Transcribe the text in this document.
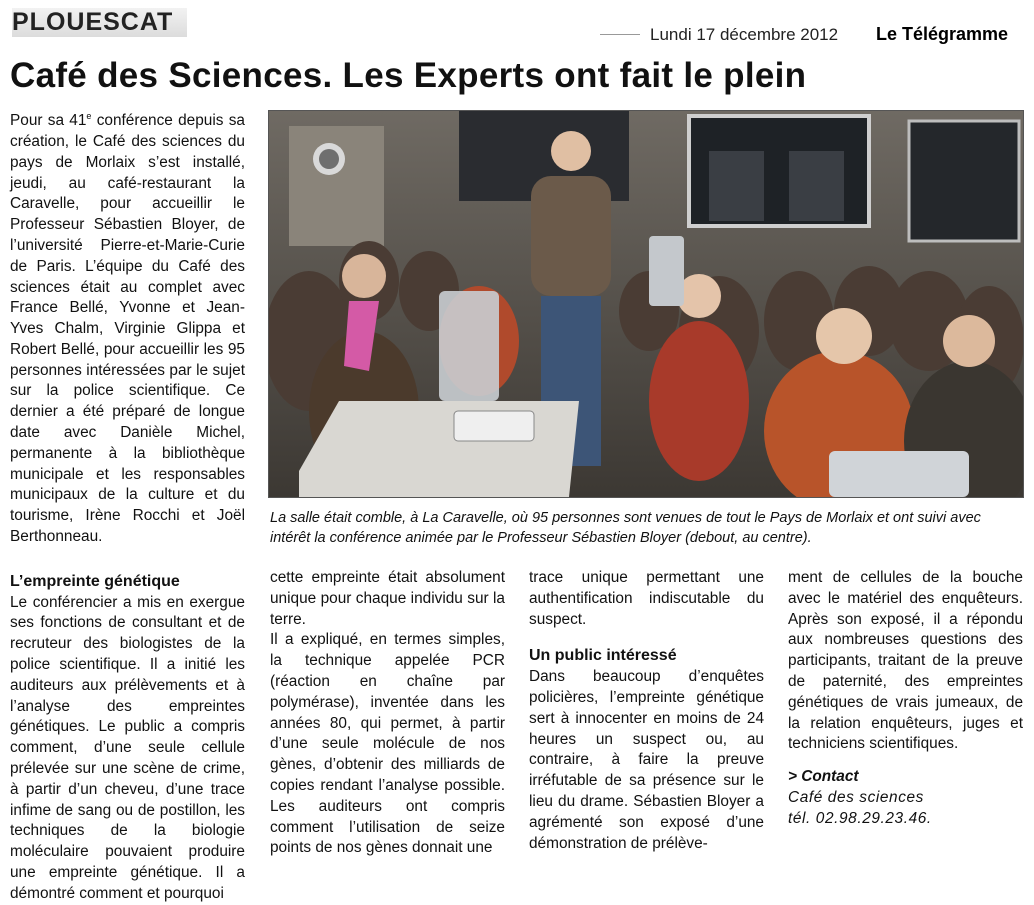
PLOUESCAT	Lundi 17 décembre 2012 Le Télégramme
Café des Sciences. Les Experts ont fait le plein

Pour sa 41e conférence depuis sa création, le Café des sciences du pays de Morlaix s’est installé, jeudi, au café-restaurant la Caravelle, pour accueillir le Professeur Sébastien Bloyer, de l’université Pierre-et-Marie-Curie de Paris. L’équipe du Café des sciences était au complet avec France Bellé, Yvonne et Jean-Yves Chalm, Virginie Glippa et Robert Bellé, pour accueillir les 95 personnes intéressées par le sujet sur la police scientifique. Ce dernier a été préparé de longue date avec Danièle Michel, permanente à la bibliothèque municipale et les responsables municipaux de la culture et du tourisme, Irène Rocchi et Joël Berthonneau.

L’empreinte génétique

Le conférencier a mis en exergue ses fonctions de consultant et de recruteur des biologistes de la police scientifique. Il a initié les auditeurs aux prélèvements et à l’analyse des empreintes génétiques. Le public a compris comment, d’une seule cellule prélevée sur une scène de crime, à partir d’un cheveu, d’une trace infime de sang ou de postillon, les techniques de la biologie moléculaire pouvaient produire une empreinte génétique. Il a démontré comment et pourquoi

La salle était comble, à La Caravelle, où 95 personnes sont venues de tout le Pays de Morlaix et ont suivi avec intérêt la conférence animée par le Professeur Sébastien Bloyer (debout, au centre).

cette empreinte était absolument unique pour chaque individu sur la terre.

Il a expliqué, en termes simples, la technique appelée PCR (réaction en chaîne par polymérase), inventée dans les années 80, qui permet, à partir d’une seule molécule de nos gènes, d’obtenir des milliards de copies rendant l’analyse possible. Les auditeurs ont compris comment l’utilisation de seize points de nos gènes donnait une

trace unique permettant une authentification indiscutable du suspect.

Un public intéressé

Dans beaucoup d’enquêtes policières, l’empreinte génétique sert à innocenter en moins de 24 heures un suspect ou, au contraire, à faire la preuve irréfutable de sa présence sur le lieu du drame. Sébastien Bloyer a agrémenté son exposé d’une démonstration de prélève-

ment de cellules de la bouche avec le matériel des enquêteurs. Après son exposé, il a répondu aux nombreuses questions des participants, traitant de la preuve de paternité, des empreintes génétiques de vrais jumeaux, de la relation enquêteurs, juges et techniciens scientifiques.

> Contact

Café des sciences

tél. 02.98.29.23.46.
